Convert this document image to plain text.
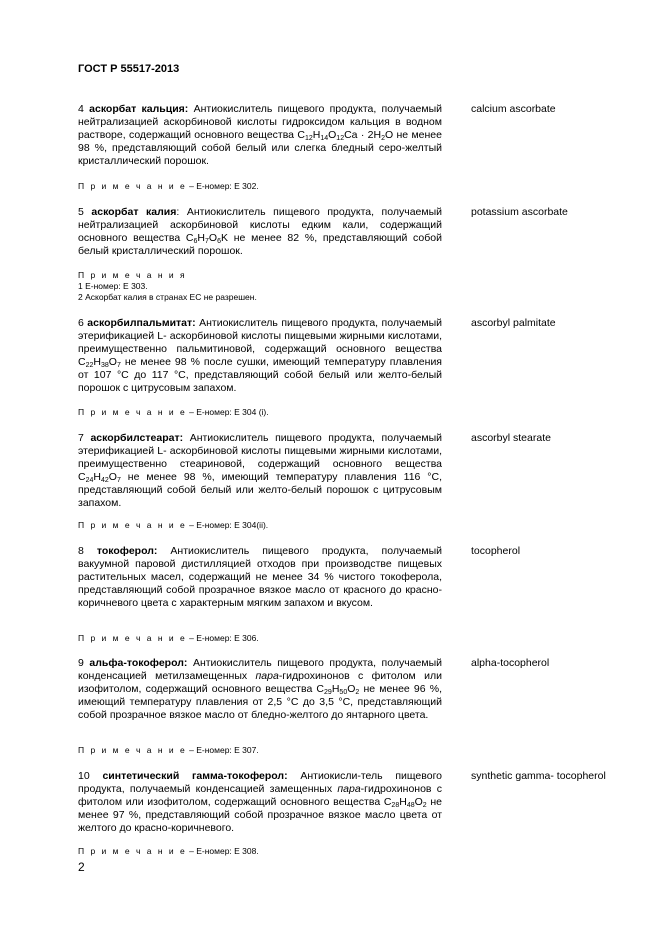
ГОСТ Р 55517-2013
4 аскорбат кальция: Антиокислитель пищевого продукта, получаемый нейтрализацией аскорбиновой кислоты гидроксидом кальция в водном растворе, содержащий основного вещества $C_{12}H_{14}O_{12}Ca \cdot 2H_2O$ не менее 98 %, представляющий собой белый или слегка бледный серо-желтый кристаллический порошок.
calcium ascorbate
П р и м е ч а н и е – Е-номер: Е 302.
5 аскорбат калия: Антиокислитель пищевого продукта, получаемый нейтрализацией аскорбиновой кислоты едким кали, содержащий основного вещества $C_6H_7O_6K$ не менее 82 %, представляющий собой белый кристаллический порошок.
potassium ascorbate
П р и м е ч а н и я
1 Е-номер: Е 303.
2 Аскорбат калия в странах ЕС не разрешен.
6 аскорбилпальмитат: Антиокислитель пищевого продукта, получаемый этерификацией L- аскорбиновой кислоты пищевыми жирными кислотами, преимущественно пальмитиновой, содержащий основного вещества $C_{22}H_{38}O_7$ не менее 98 % после сушки, имеющий температуру плавления от 107 °С до 117 °С, представляющий собой белый или желто-белый порошок с цитрусовым запахом.
ascorbyl palmitate
П р и м е ч а н и е – Е-номер: Е 304 (i).
7 аскорбилстеарат: Антиокислитель пищевого продукта, получаемый этерификацией L- аскорбиновой кислоты пищевыми жирными кислотами, преимущественно стеариновой, содержащий основного вещества $C_{24}H_{42}O_7$ не менее 98 %, имеющий температуру плавления 116 °С, представляющий собой белый или желто-белый порошок с цитрусовым запахом.
ascorbyl stearate
П р и м е ч а н и е – Е-номер: Е 304(ii).
8 токоферол: Антиокислитель пищевого продукта, получаемый вакуумной паровой дистилляцией отходов при производстве пищевых растительных масел, содержащий не менее 34 % чистого токоферола, представляющий собой прозрачное вязкое масло от красного до красно-коричневого цвета с характерным мягким запахом и вкусом.
tocopherol
П р и м е ч а н и е – Е-номер: Е 306.
9 альфа-токоферол: Антиокислитель пищевого продукта, получаемый конденсацией метилзамещенных пара-гидрохинонов с фитолом или изофитолом, содержащий основного вещества $C_{29}H_{50}O_2$ не менее 96 %, имеющий температуру плавления от 2,5 °С до 3,5 °С, представляющий собой прозрачное вязкое масло от бледно-желтого до янтарного цвета.
alpha-tocopherol
П р и м е ч а н и е – Е-номер: Е 307.
10 синтетический гамма-токоферол: Антиокисли-тель пищевого продукта, получаемый конденсацией замещенных пара-гидрохинонов с фитолом или изофитолом, содержащий основного вещества $C_{28}H_{48}O_2$ не менее 97 %, представляющий собой прозрачное вязкое масло цвета от желтого до красно-коричневого.
synthetic gamma- tocopherol
П р и м е ч а н и е – Е-номер: Е 308.
2
